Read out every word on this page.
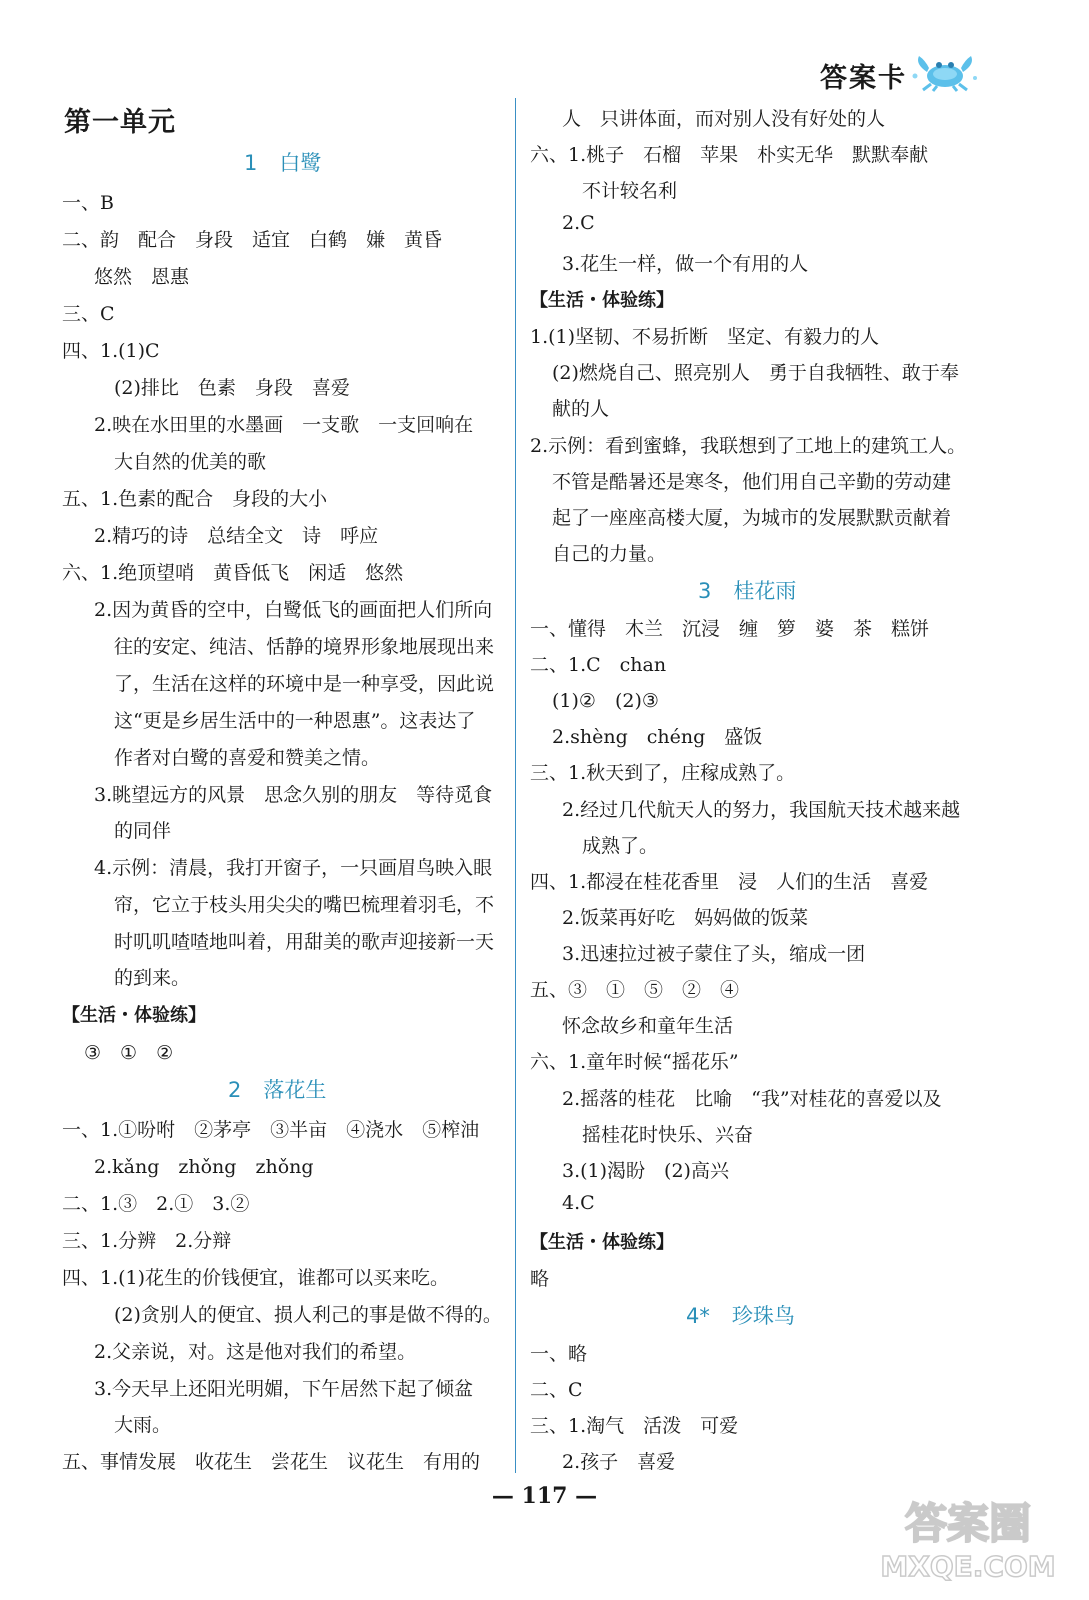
答案卡
第一单元
1 白鹭
一、B
二、韵　配合　身段　适宜　白鹤　嫌　黄昏
悠然　恩惠
三、C
四、1.(1)C
(2)排比　色素　身段　喜爱
2.映在水田里的水墨画　一支歌　一支回响在
大自然的优美的歌
五、1.色素的配合　身段的大小
2.精巧的诗　总结全文　诗　呼应
六、1.绝顶望哨　黄昏低飞　闲适　悠然
2.因为黄昏的空中，白鹭低飞的画面把人们所向
往的安定、纯洁、恬静的境界形象地展现出来
了，生活在这样的环境中是一种享受，因此说
这“更是乡居生活中的一种恩惠”。这表达了
作者对白鹭的喜爱和赞美之情。
3.眺望远方的风景　思念久别的朋友　等待觅食
的同伴
4.示例：清晨，我打开窗子，一只画眉鸟映入眼
帘，它立于枝头用尖尖的嘴巴梳理着羽毛，不
时叽叽喳喳地叫着，用甜美的歌声迎接新一天
的到来。
【生活・体验练】
③　①　②
2 落花生
一、1.①吩咐　②茅亭　③半亩　④浇水　⑤榨油
2.kǎng　zhǒng　zhǒng
二、1.③　2.①　3.②
三、1.分辨　2.分辩
四、1.(1)花生的价钱便宜，谁都可以买来吃。
(2)贪别人的便宜、损人利己的事是做不得的。
2.父亲说，对。这是他对我们的希望。
3.今天早上还阳光明媚，下午居然下起了倾盆
大雨。
五、事情发展　收花生　尝花生　议花生　有用的
人　只讲体面，而对别人没有好处的人
六、1.桃子　石榴　苹果　朴实无华　默默奉献
不计较名利
2.C
3.花生一样，做一个有用的人
【生活・体验练】
1.(1)坚韧、不易折断　坚定、有毅力的人
(2)燃烧自己、照亮别人　勇于自我牺牲、敢于奉
献的人
2.示例：看到蜜蜂，我联想到了工地上的建筑工人。
不管是酷暑还是寒冬，他们用自己辛勤的劳动建
起了一座座高楼大厦，为城市的发展默默贡献着
自己的力量。
3 桂花雨
一、懂得　木兰　沉浸　缠　箩　婆　茶　糕饼
二、1.C　chan
(1)②　(2)③
2.shèng　chéng　盛饭
三、1.秋天到了，庄稼成熟了。
2.经过几代航天人的努力，我国航天技术越来越
成熟了。
四、1.都浸在桂花香里　浸　人们的生活　喜爱
2.饭菜再好吃　妈妈做的饭菜
3.迅速拉过被子蒙住了头，缩成一团
五、③　①　⑤　②　④
怀念故乡和童年生活
六、1.童年时候“摇花乐”
2.摇落的桂花　比喻　“我”对桂花的喜爱以及
摇桂花时快乐、兴奋
3.(1)渴盼　(2)高兴
4.C
【生活・体验练】
略
4* 珍珠鸟
一、略
二、C
三、1.淘气　活泼　可爱
2.孩子　喜爱
— 117 —
答案圈
MXQE.COM
